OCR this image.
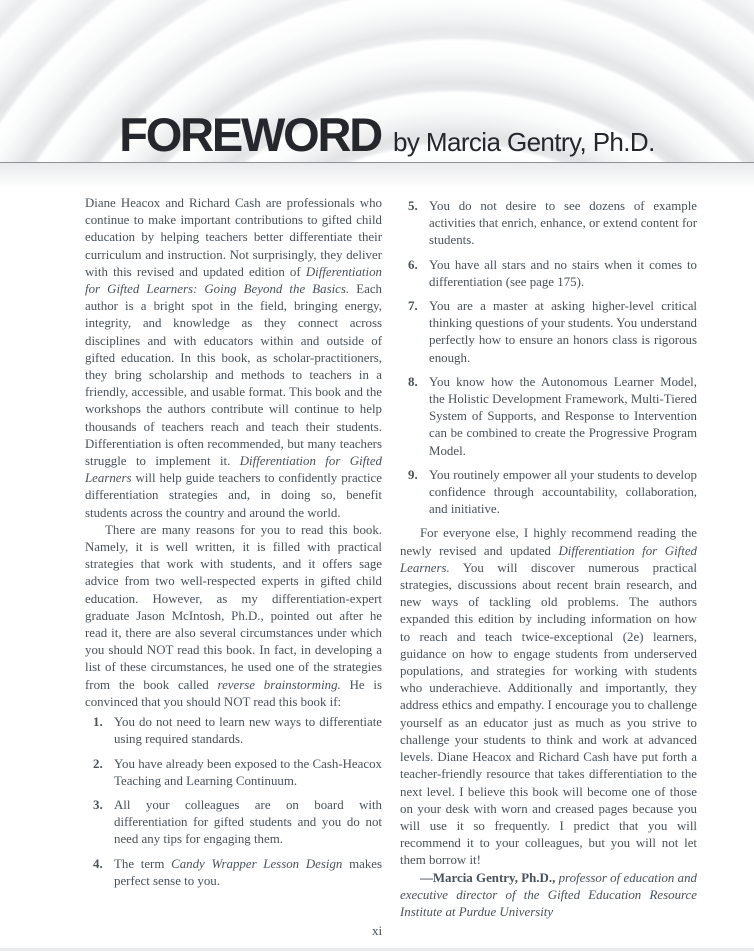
FOREWORD by Marcia Gentry, Ph.D.

Diane Heacox and Richard Cash are professionals who continue to make important contributions to gifted child education by helping teachers better differentiate their curriculum and instruction. Not surprisingly, they deliver with this revised and updated edition of Differentiation for Gifted Learners: Going Beyond the Basics. Each author is a bright spot in the field, bringing energy, integrity, and knowledge as they connect across disciplines and with educators within and outside of gifted education. In this book, as scholar-practitioners, they bring scholarship and methods to teachers in a friendly, accessible, and usable format. This book and the workshops the authors contribute will continue to help thousands of teachers reach and teach their students. Differentiation is often recommended, but many teachers struggle to implement it. Differentiation for Gifted Learners will help guide teachers to confidently practice differentiation strategies and, in doing so, benefit students across the country and around the world.

There are many reasons for you to read this book. Namely, it is well written, it is filled with practical strategies that work with students, and it offers sage advice from two well-respected experts in gifted child education. However, as my differentiation-expert graduate Jason McIntosh, Ph.D., pointed out after he read it, there are also several circumstances under which you should NOT read this book. In fact, in developing a list of these circumstances, he used one of the strategies from the book called reverse brainstorming. He is convinced that you should NOT read this book if:

1. You do not need to learn new ways to differentiate using required standards.
2. You have already been exposed to the Cash-Heacox Teaching and Learning Continuum.
3. All your colleagues are on board with differentiation for gifted students and you do not need any tips for engaging them.
4. The term Candy Wrapper Lesson Design makes perfect sense to you.
5. You do not desire to see dozens of example activities that enrich, enhance, or extend content for students.
6. You have all stars and no stairs when it comes to differentiation (see page 175).
7. You are a master at asking higher-level critical thinking questions of your students. You understand perfectly how to ensure an honors class is rigorous enough.
8. You know how the Autonomous Learner Model, the Holistic Development Framework, Multi-Tiered System of Supports, and Response to Intervention can be combined to create the Progressive Program Model.
9. You routinely empower all your students to develop confidence through accountability, collaboration, and initiative.

For everyone else, I highly recommend reading the newly revised and updated Differentiation for Gifted Learners. You will discover numerous practical strategies, discussions about recent brain research, and new ways of tackling old problems. The authors expanded this edition by including information on how to reach and teach twice-exceptional (2e) learners, guidance on how to engage students from underserved populations, and strategies for working with students who underachieve. Additionally and importantly, they address ethics and empathy. I encourage you to challenge yourself as an educator just as much as you strive to challenge your students to think and work at advanced levels. Diane Heacox and Richard Cash have put forth a teacher-friendly resource that takes differentiation to the next level. I believe this book will become one of those on your desk with worn and creased pages because you will use it so frequently. I predict that you will recommend it to your colleagues, but you will not let them borrow it!

—Marcia Gentry, Ph.D., professor of education and executive director of the Gifted Education Resource Institute at Purdue University

xi
